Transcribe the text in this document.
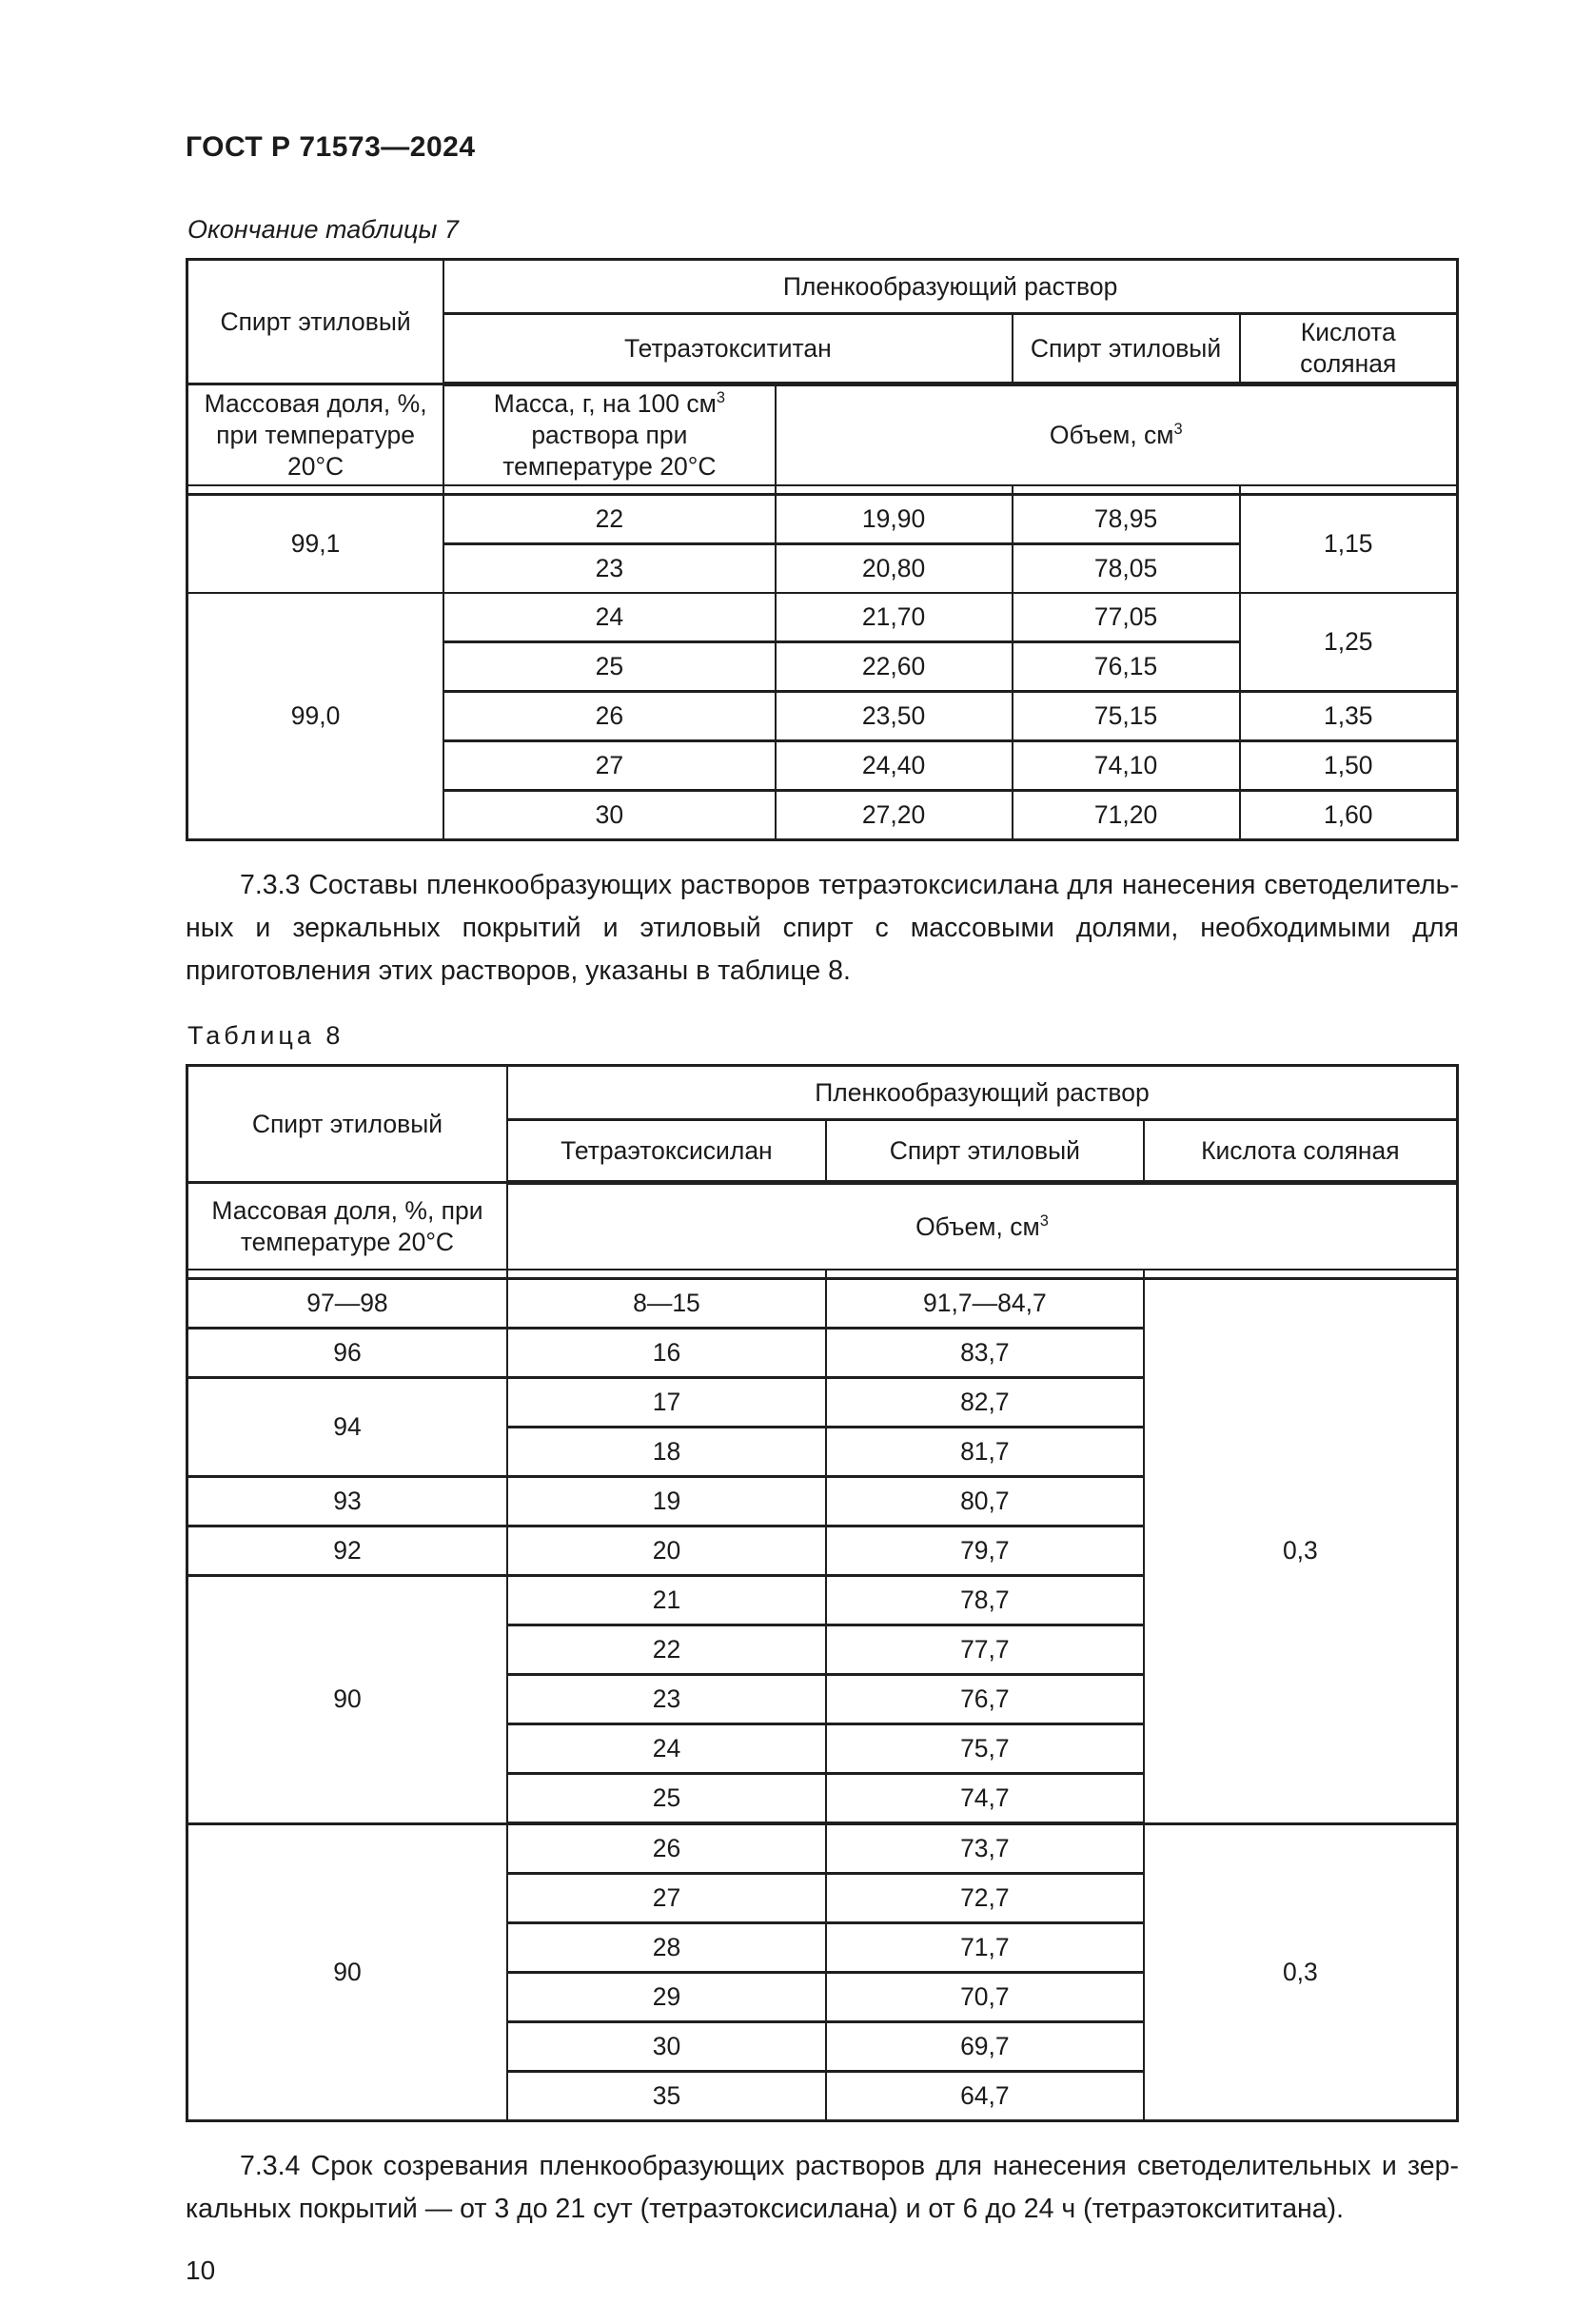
ГОСТ Р 71573—2024
Окончание таблицы 7
Спирт этиловый	Пленкообразующий раствор			
	Тетраэтоксититан		Спирт этиловый	Кислота соляная
Массовая доля, %, при температуре 20°С	Масса, г, на 100 $см^3$ раствора при температуре 20°С	Объем, $см^3$

99,1	22	19,90	78,95	1,15
	23	20,80	78,05	
99,0	24	21,70	77,05	1,25
	25	22,60	76,15	
	26	23,50	75,15	1,35
	27	24,40	74,10	1,50
	30	27,20	71,20	1,60

7.3.3 Составы пленкообразующих растворов тетраэтоксисилана для нанесения светоделительных и зеркальных покрытий и этиловый спирт с массовыми долями, необходимыми для приготовления этих растворов, указаны в таблице 8.

Таблица 8
Спирт этиловый	Пленкообразующий раствор		
	Тетраэтоксисилан	Спирт этиловый	Кислота соляная
Массовая доля, %, при температуре 20°С	Объем, $см^3$

97—98	8—15	91,7—84,7	0,3
96	16	83,7	
94	17	82,7	
	18	81,7	
93	19	80,7	
92	20	79,7	
90	21	78,7	
	22	77,7	
	23	76,7	
	24	75,7	
	25	74,7	
90	26	73,7	0,3
	27	72,7	
	28	71,7	
	29	70,7	
	30	69,7	
	35	64,7	

7.3.4 Срок созревания пленкообразующих растворов для нанесения светоделительных и зеркальных покрытий — от 3 до 21 сут (тетраэтоксисилана) и от 6 до 24 ч (тетраэтоксититана).

10
